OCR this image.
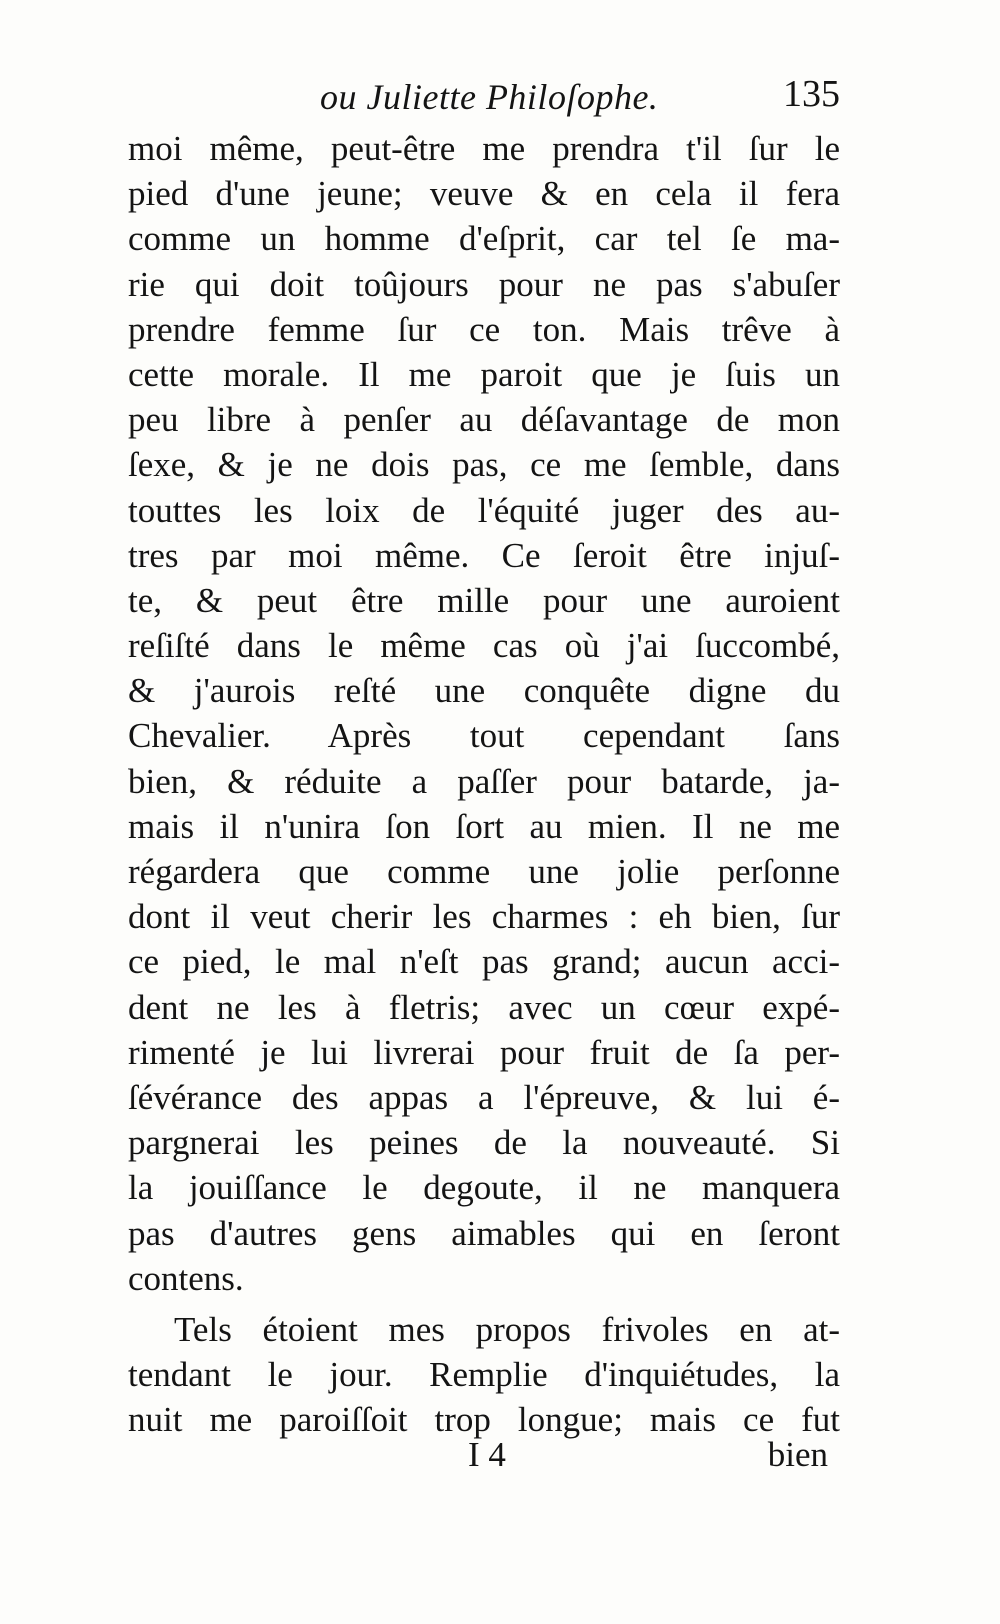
ou Juliette Philoſophe.	135
moi même, peut-être me prendra t'il ſur le
pied d'une jeune; veuve & en cela il fera
comme un homme d'eſprit, car tel ſe ma-
rie qui doit toûjours pour ne pas s'abuſer
prendre femme ſur ce ton. Mais trêve à
cette morale. Il me paroit que je ſuis un
peu libre à penſer au déſavantage de mon
ſexe, & je ne dois pas, ce me ſemble, dans
touttes les loix de l'équité juger des au-
tres par moi même. Ce ſeroit être injuſ-
te, & peut être mille pour une auroient
reſiſté dans le même cas où j'ai ſuccombé,
& j'aurois reſté une conquête digne du
Chevalier. Après tout cependant ſans
bien, & réduite a paſſer pour batarde, ja-
mais il n'unira ſon ſort au mien. Il ne me
régardera que comme une jolie perſonne
dont il veut cherir les charmes : eh bien, ſur
ce pied, le mal n'eſt pas grand; aucun acci-
dent ne les à fletris; avec un cœur expé-
rimenté je lui livrerai pour fruit de ſa per-
ſévérance des appas a l'épreuve, & lui é-
pargnerai les peines de la nouveauté. Si
la jouiſſance le degoute, il ne manquera
pas d'autres gens aimables qui en ſeront
contens.
Tels étoient mes propos frivoles en at-
tendant le jour. Remplie d'inquiétudes, la
nuit me paroiſſoit trop longue; mais ce fut
I 4	bien
